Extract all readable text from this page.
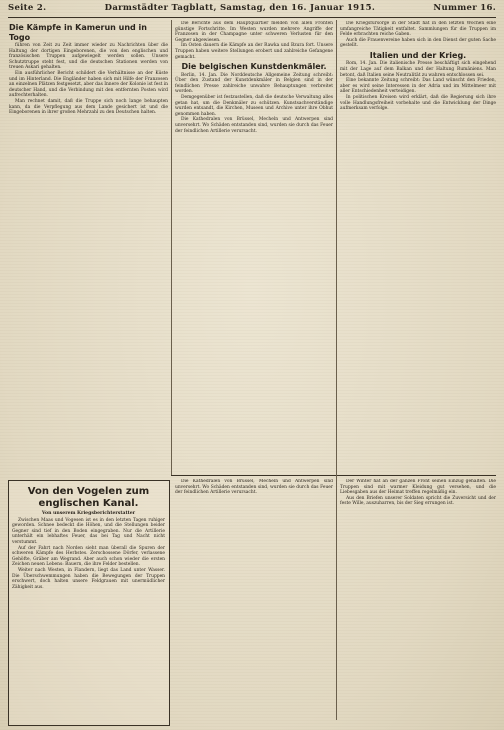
Seite 2.	Darmstädter Tagblatt, Samstag, den 16. Januar 1915.	Nummer 16.
Die Kämpfe in Kamerun und in Togo

führen von Zeit zu Zeit immer wieder zu Nachrichten über die Haltung der dortigen Eingeborenen, die von den englischen und französischen Truppen aufgewiegelt werden sollen. Unsere Schutztruppe steht fest, und die deutschen Stationen werden von treuen Askari gehalten.

Ein ausführlicher Bericht schildert die Verhältnisse an der Küste und im Hinterland. Die Engländer haben sich mit Hilfe der Franzosen an einzelnen Plätzen festgesetzt, aber das Innere der Kolonie ist fest in deutscher Hand, und die Verbindung mit den entfernten Posten wird aufrechterhalten.

Man rechnet damit, daß die Truppe sich noch lange behaupten kann, da die Verpflegung aus dem Lande gesichert ist und die Eingeborenen in ihrer großen Mehrzahl zu den Deutschen halten.

Von den Vogelen zum englischen Kanal.
Von unserem Kriegsberichterstatter

Zwischen Maas und Vogesen ist es in den letzten Tagen ruhiger geworden. Schnee bedeckt die Höhen, und die Stellungen beider Gegner sind tief in den Boden eingegraben. Nur die Artillerie unterhält ein lebhaftes Feuer, das bei Tag und Nacht nicht verstummt.

Auf der Fahrt nach Norden sieht man überall die Spuren der schweren Kämpfe des Herbstes. Zerschossene Dörfer, verlassene Gehöfte, Gräber am Wegrand. Aber auch schon wieder die ersten Zeichen neuen Lebens: Bauern, die ihre Felder bestellen.

Weiter nach Westen, in Flandern, liegt das Land unter Wasser. Die Überschwemmungen haben die Bewegungen der Truppen erschwert, doch halten unsere Feldgrauen mit unermüdlicher Zähigkeit aus.

Die Berichte aus dem Hauptquartier melden von allen Fronten günstige Fortschritte. Im Westen wurden mehrere Angriffe der Franzosen in der Champagne unter schweren Verlusten für den Gegner abgewiesen.

Im Osten dauern die Kämpfe an der Rawka und Bzura fort. Unsere Truppen haben weitere Stellungen erobert und zahlreiche Gefangene gemacht.

Die belgischen Kunstdenkmäler.

Berlin, 14. Jan. Die Norddeutsche Allgemeine Zeitung schreibt: Über den Zustand der Kunstdenkmäler in Belgien sind in der feindlichen Presse zahlreiche unwahre Behauptungen verbreitet worden.

Demgegenüber ist festzustellen, daß die deutsche Verwaltung alles getan hat, um die Denkmäler zu schützen. Kunstsachverständige wurden entsandt, die Kirchen, Museen und Archive unter ihre Obhut genommen haben.

Die Kathedralen von Brüssel, Mecheln und Antwerpen sind unversehrt. Wo Schäden entstanden sind, wurden sie durch das Feuer der feindlichen Artillerie verursacht.

Die Kriegsfürsorge in der Stadt hat in den letzten Wochen eine umfangreiche Tätigkeit entfaltet. Sammlungen für die Truppen im Felde erbrachten reiche Gaben.

Auch die Frauenvereine haben sich in den Dienst der guten Sache gestellt.

Italien und der Krieg.

Rom, 14. Jan. Die italienische Presse beschäftigt sich eingehend mit der Lage auf dem Balkan und der Haltung Rumäniens. Man betont, daß Italien seine Neutralität zu wahren entschlossen sei.

Eine bekannte Zeitung schreibt: Das Land wünscht den Frieden, aber es wird seine Interessen in der Adria und im Mittelmeer mit aller Entschiedenheit verteidigen.

In politischen Kreisen wird erklärt, daß die Regierung sich ihre volle Handlungsfreiheit vorbehalte und die Entwicklung der Dinge aufmerksam verfolge.

Die Kathedralen von Brüssel, Mecheln und Antwerpen sind unversehrt. Wo Schäden entstanden sind, wurden sie durch das Feuer der feindlichen Artillerie verursacht.

Der Winter hat an der ganzen Front seinen Einzug gehalten. Die Truppen sind mit warmer Kleidung gut versehen, und die Liebesgaben aus der Heimat treffen regelmäßig ein.

Aus den Briefen unserer Soldaten spricht die Zuversicht und der feste Wille, auszuharren, bis der Sieg errungen ist.
